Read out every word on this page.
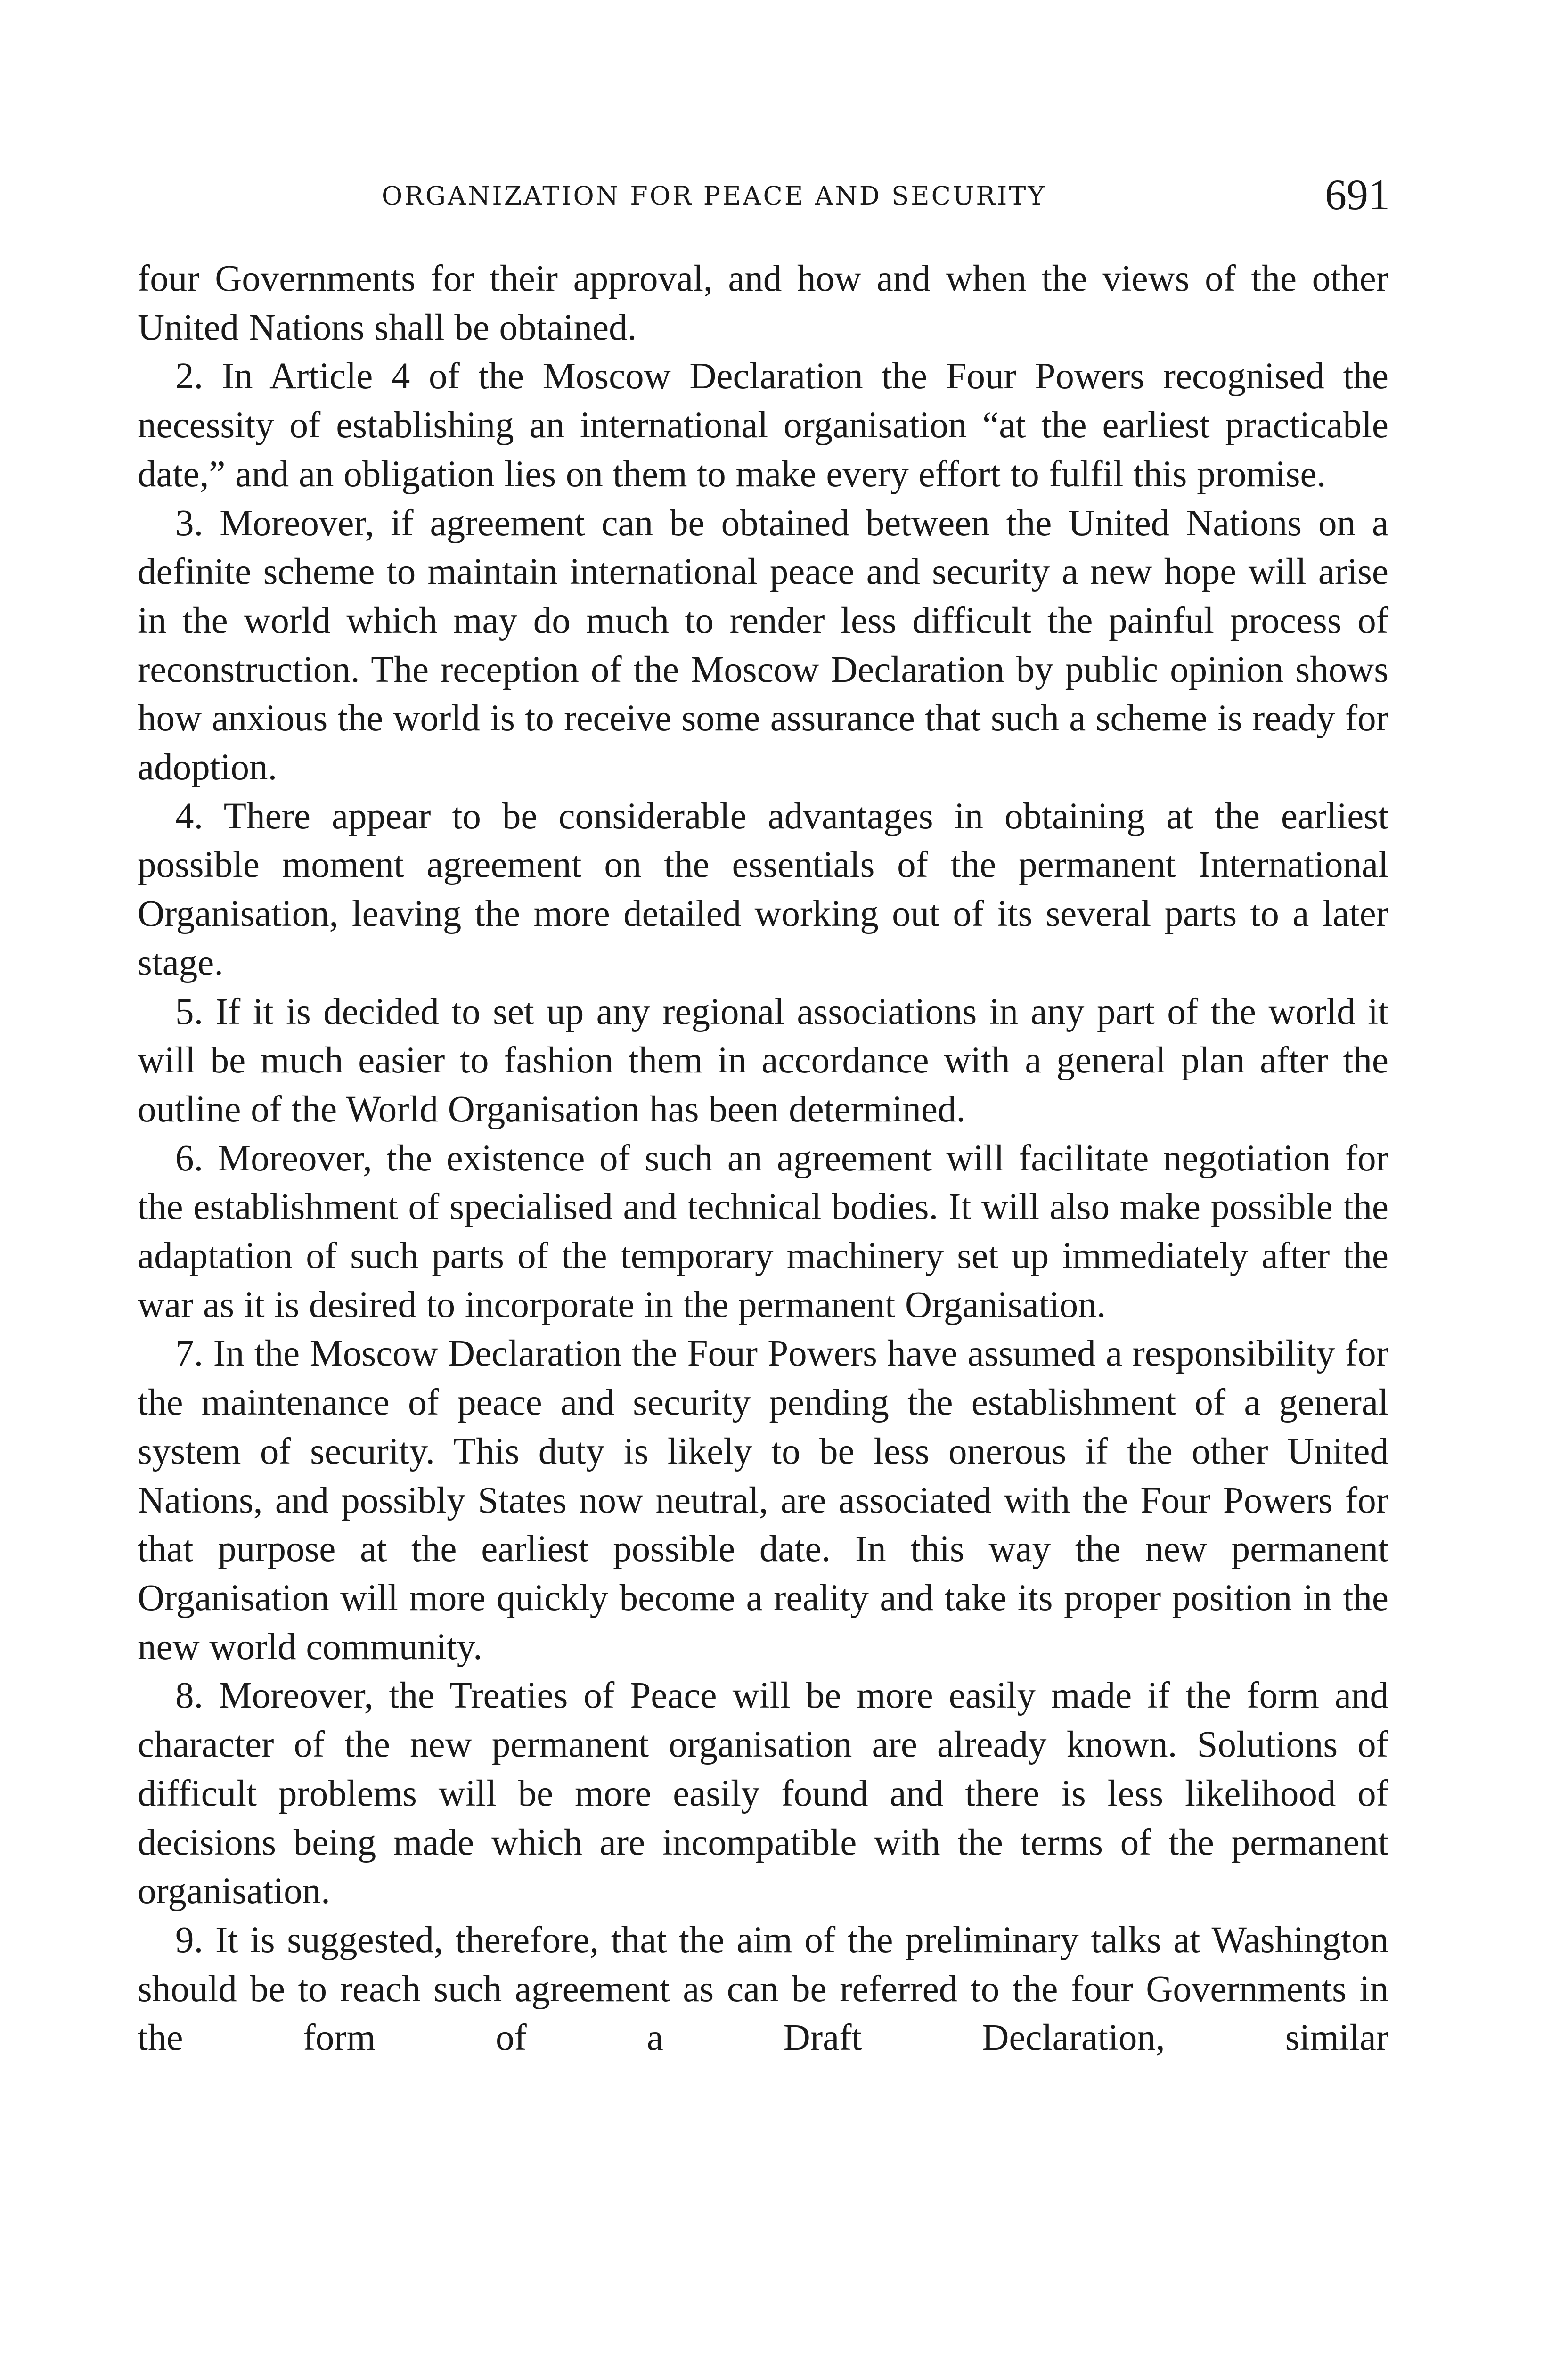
ORGANIZATION FOR PEACE AND SECURITY	691

four Governments for their approval, and how and when the views of the other United Nations shall be obtained.

2. In Article 4 of the Moscow Declaration the Four Powers recognised the necessity of establishing an international organisation “at the earliest practicable date,” and an obligation lies on them to make every effort to fulfil this promise.

3. Moreover, if agreement can be obtained between the United Nations on a definite scheme to maintain international peace and security a new hope will arise in the world which may do much to render less difficult the painful process of reconstruction. The reception of the Moscow Declaration by public opinion shows how anxious the world is to receive some assurance that such a scheme is ready for adoption.

4. There appear to be considerable advantages in obtaining at the earliest possible moment agreement on the essentials of the permanent International Organisation, leaving the more detailed working out of its several parts to a later stage.

5. If it is decided to set up any regional associations in any part of the world it will be much easier to fashion them in accordance with a general plan after the outline of the World Organisation has been determined.

6. Moreover, the existence of such an agreement will facilitate negotiation for the establishment of specialised and technical bodies. It will also make possible the adaptation of such parts of the temporary machinery set up immediately after the war as it is desired to incorporate in the permanent Organisation.

7. In the Moscow Declaration the Four Powers have assumed a responsibility for the maintenance of peace and security pending the establishment of a general system of security. This duty is likely to be less onerous if the other United Nations, and possibly States now neutral, are associated with the Four Powers for that purpose at the earliest possible date. In this way the new permanent Organisation will more quickly become a reality and take its proper position in the new world community.

8. Moreover, the Treaties of Peace will be more easily made if the form and character of the new permanent organisation are already known. Solutions of difficult problems will be more easily found and there is less likelihood of decisions being made which are incompatible with the terms of the permanent organisation.

9. It is suggested, therefore, that the aim of the preliminary talks at Washington should be to reach such agreement as can be referred to the four Governments in the form of a Draft Declaration, similar
